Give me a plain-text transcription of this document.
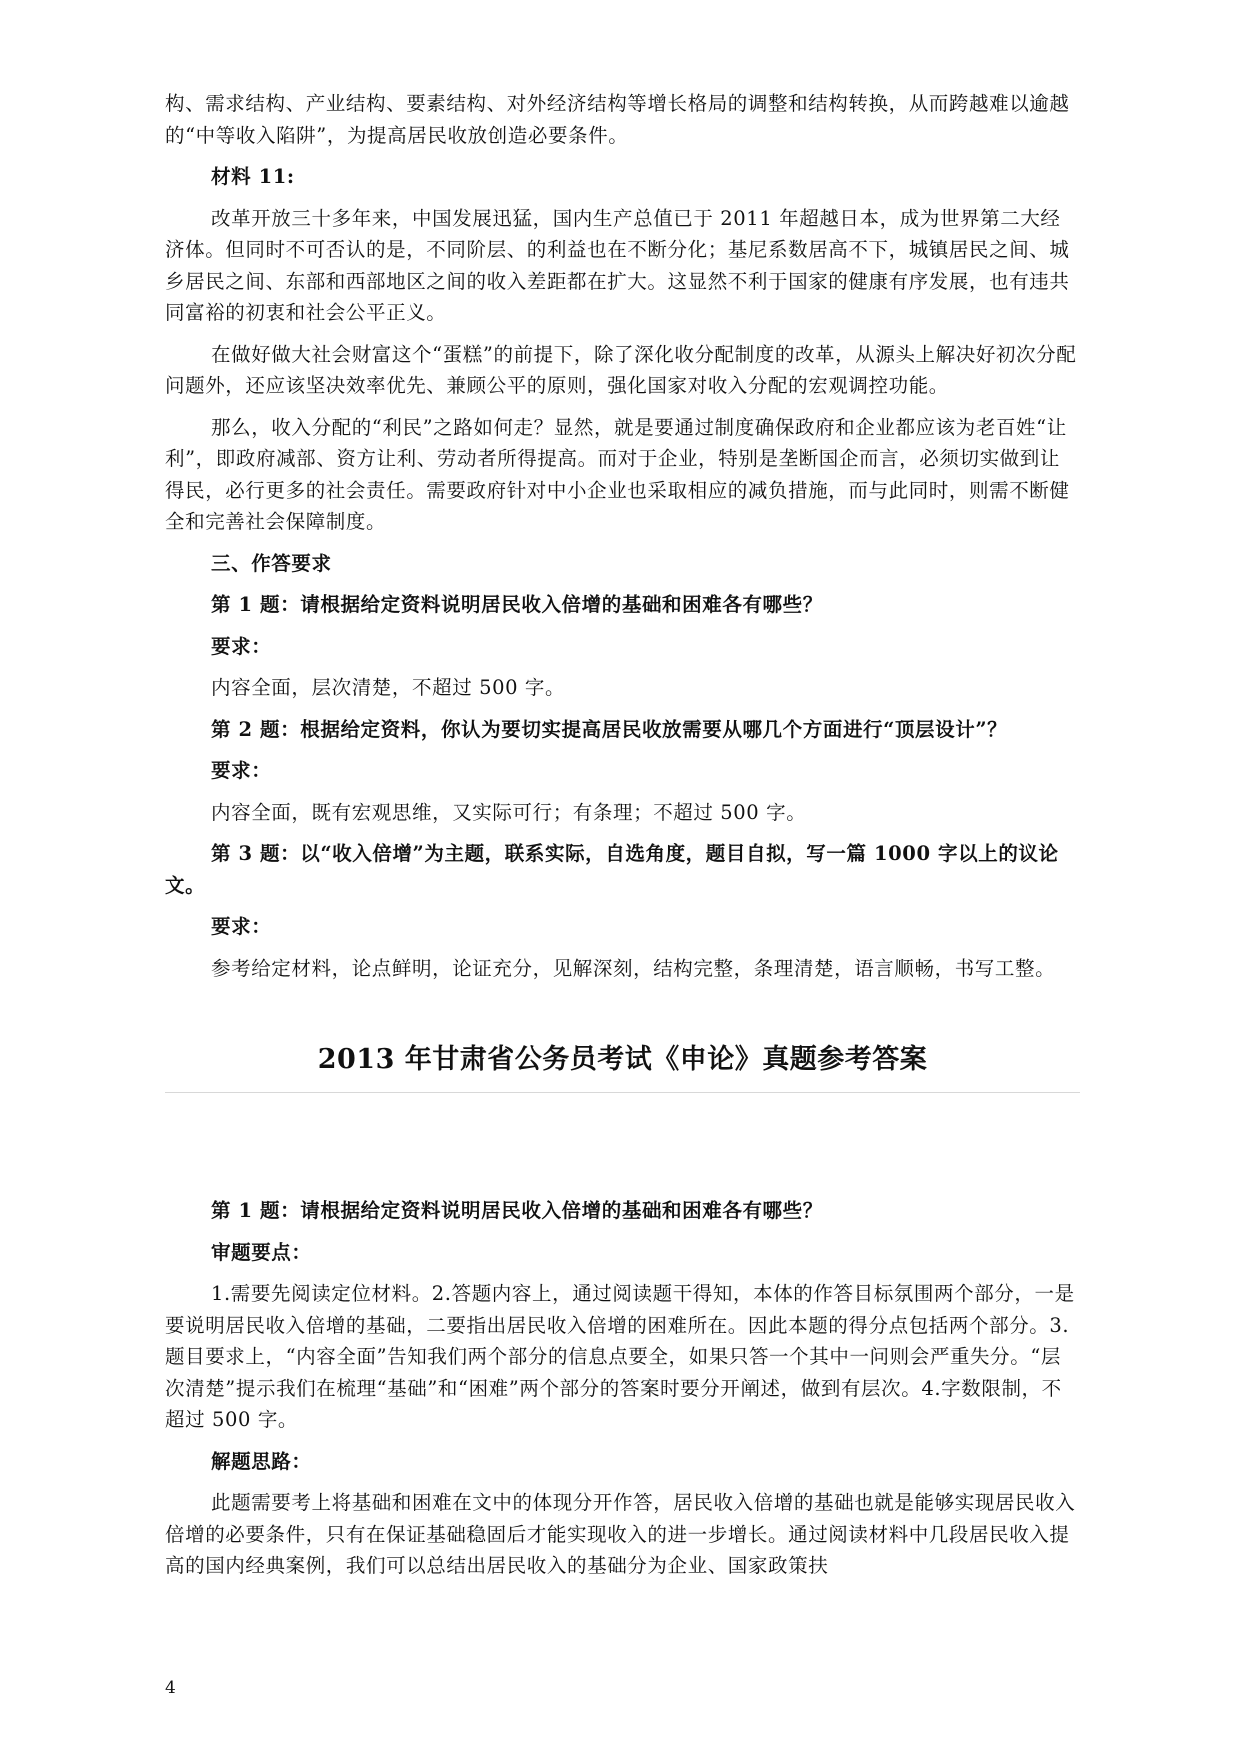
构、需求结构、产业结构、要素结构、对外经济结构等增长格局的调整和结构转换，从而跨越难以逾越的“中等收入陷阱”，为提高居民收放创造必要条件。

材料 11:

改革开放三十多年来，中国发展迅猛，国内生产总值已于 2011 年超越日本，成为世界第二大经济体。但同时不可否认的是，不同阶层、的利益也在不断分化；基尼系数居高不下，城镇居民之间、城乡居民之间、东部和西部地区之间的收入差距都在扩大。这显然不利于国家的健康有序发展，也有违共同富裕的初衷和社会公平正义。

在做好做大社会财富这个“蛋糕”的前提下，除了深化收分配制度的改革，从源头上解决好初次分配问题外，还应该坚决效率优先、兼顾公平的原则，强化国家对收入分配的宏观调控功能。

那么，收入分配的“利民”之路如何走？显然，就是要通过制度确保政府和企业都应该为老百姓“让利”，即政府减部、资方让利、劳动者所得提高。而对于企业，特别是垄断国企而言，必须切实做到让得民，必行更多的社会责任。需要政府针对中小企业也采取相应的减负措施，而与此同时，则需不断健全和完善社会保障制度。

三、作答要求

第 1 题：请根据给定资料说明居民收入倍增的基础和困难各有哪些？

要求：

内容全面，层次清楚，不超过 500 字。

第 2 题：根据给定资料，你认为要切实提高居民收放需要从哪几个方面进行“顶层设计”？

要求：

内容全面，既有宏观思维，又实际可行；有条理；不超过 500 字。

第 3 题：以“收入倍增”为主题，联系实际，自选角度，题目自拟，写一篇 1000 字以上的议论文。

要求：

参考给定材料，论点鲜明，论证充分，见解深刻，结构完整，条理清楚，语言顺畅，书写工整。

2013 年甘肃省公务员考试《申论》真题参考答案

第 1 题：请根据给定资料说明居民收入倍增的基础和困难各有哪些？

审题要点：

1.需要先阅读定位材料。2.答题内容上，通过阅读题干得知，本体的作答目标氛围两个部分，一是要说明居民收入倍增的基础，二要指出居民收入倍增的困难所在。因此本题的得分点包括两个部分。3.题目要求上，“内容全面”告知我们两个部分的信息点要全，如果只答一个其中一问则会严重失分。“层次清楚”提示我们在梳理“基础”和“困难”两个部分的答案时要分开阐述，做到有层次。4.字数限制，不超过 500 字。

解题思路：

此题需要考上将基础和困难在文中的体现分开作答，居民收入倍增的基础也就是能够实现居民收入倍增的必要条件，只有在保证基础稳固后才能实现收入的进一步增长。通过阅读材料中几段居民收入提高的国内经典案例，我们可以总结出居民收入的基础分为企业、国家政策扶

4
